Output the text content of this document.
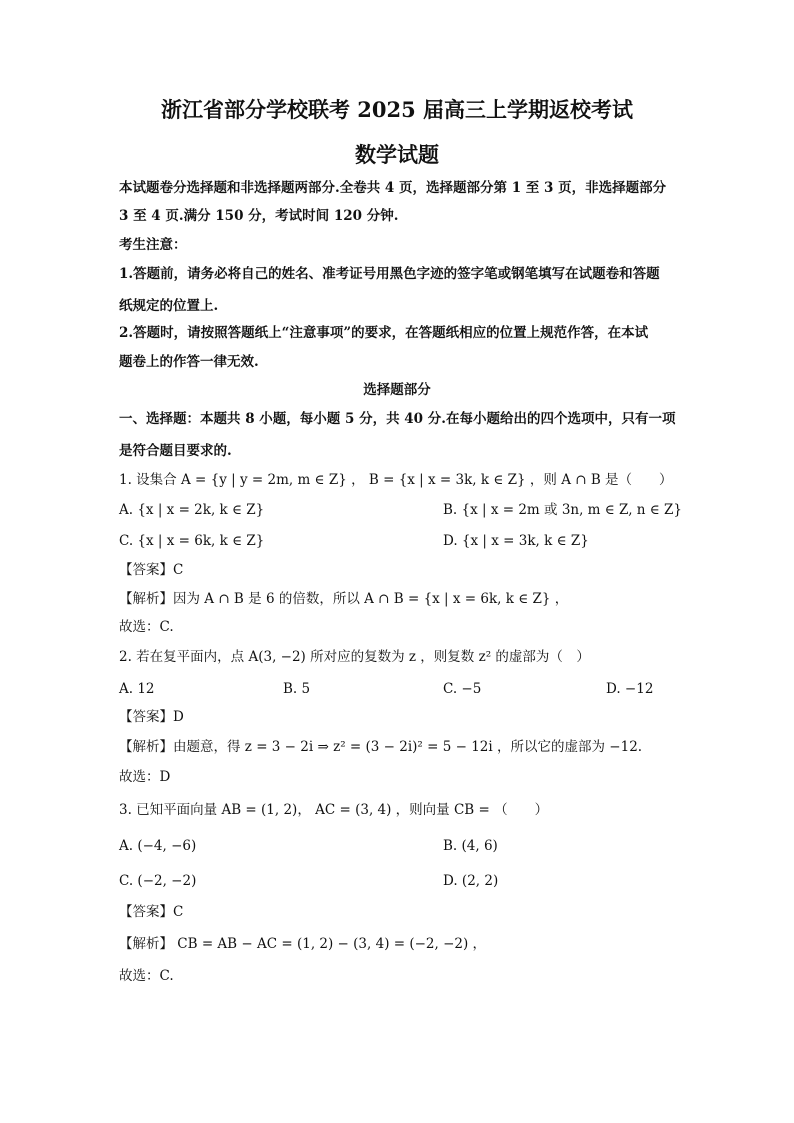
浙江省部分学校联考 2025 届高三上学期返校考试
数学试题
本试题卷分选择题和非选择题两部分.全卷共 4 页，选择题部分第 1 至 3 页，非选择题部分
3 至 4 页.满分 150 分，考试时间 120 分钟.
考生注意：
1.答题前，请务必将自己的姓名、准考证号用黑色字迹的签字笔或钢笔填写在试题卷和答题
纸规定的位置上.
2.答题时，请按照答题纸上“注意事项”的要求，在答题纸相应的位置上规范作答，在本试
题卷上的作答一律无效.
选择题部分
一、选择题：本题共 8 小题，每小题 5 分，共 40 分.在每小题给出的四个选项中，只有一项
是符合题目要求的.
1. 设集合 A = {y | y = 2m, m ∈ Z} ， B = {x | x = 3k, k ∈ Z} ，则 A ∩ B 是（　　）
A. {x | x = 2k, k ∈ Z}	B. {x | x = 2m 或 3n, m ∈ Z, n ∈ Z}
C. {x | x = 6k, k ∈ Z}	D. {x | x = 3k, k ∈ Z}
【答案】C
【解析】因为 A ∩ B 是 6 的倍数，所以 A ∩ B = {x | x = 6k, k ∈ Z} ，
故选：C.
2. 若在复平面内，点 A(3, −2) 所对应的复数为 z ，则复数 z² 的虚部为（　）
A. 12	B. 5	C. −5	D. −12
【答案】D
【解析】由题意，得 z = 3 − 2i ⇒ z² = (3 − 2i)² = 5 − 12i ，所以它的虚部为 −12.
故选：D
3. 已知平面向量 AB = (1, 2)， AC = (3, 4) ，则向量 CB = （　　）
A. (−4, −6)	B. (4, 6)
C. (−2, −2)	D. (2, 2)
【答案】C
【解析】 CB = AB − AC = (1, 2) − (3, 4) = (−2, −2) ，
故选：C.
